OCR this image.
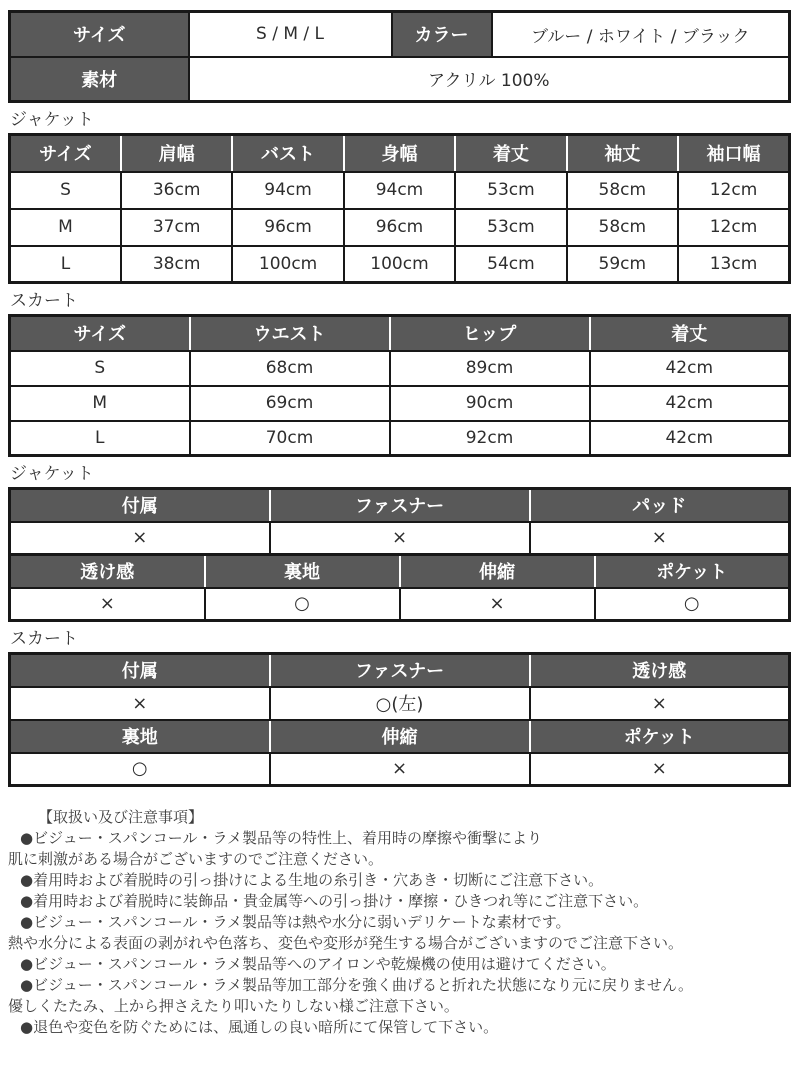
サイズ	S / M / L	カラー	ブルー / ホワイト / ブラック
素材	アクリル 100%		
ジャケット
サイズ	肩幅	バスト	身幅	着丈	袖丈	袖口幅
S	36cm	94cm	94cm	53cm	58cm	12cm
M	37cm	96cm	96cm	53cm	58cm	12cm
L	38cm	100cm	100cm	54cm	59cm	13cm
スカート
サイズ	ウエスト	ヒップ	着丈
S	68cm	89cm	42cm
M	69cm	90cm	42cm
L	70cm	92cm	42cm
ジャケット
付属	ファスナー	パッド
×	×	×
透け感	裏地	伸縮	ポケット
×	○	×	○
スカート
付属	ファスナー	透け感
×	○(左)	×
裏地	伸縮	ポケット
○	×	×
【取扱い及び注意事項】
●ビジュー・スパンコール・ラメ製品等の特性上、着用時の摩擦や衝撃により
肌に刺激がある場合がございますのでご注意ください。
●着用時および着脱時の引っ掛けによる生地の糸引き・穴あき・切断にご注意下さい。
●着用時および着脱時に装飾品・貴金属等への引っ掛け・摩擦・ひきつれ等にご注意下さい。
●ビジュー・スパンコール・ラメ製品等は熱や水分に弱いデリケートな素材です。
熱や水分による表面の剥がれや色落ち、変色や変形が発生する場合がございますのでご注意下さい。
●ビジュー・スパンコール・ラメ製品等へのアイロンや乾燥機の使用は避けてください。
●ビジュー・スパンコール・ラメ製品等加工部分を強く曲げると折れた状態になり元に戻りません。
優しくたたみ、上から押さえたり叩いたりしない様ご注意下さい。
●退色や変色を防ぐためには、風通しの良い暗所にて保管して下さい。
